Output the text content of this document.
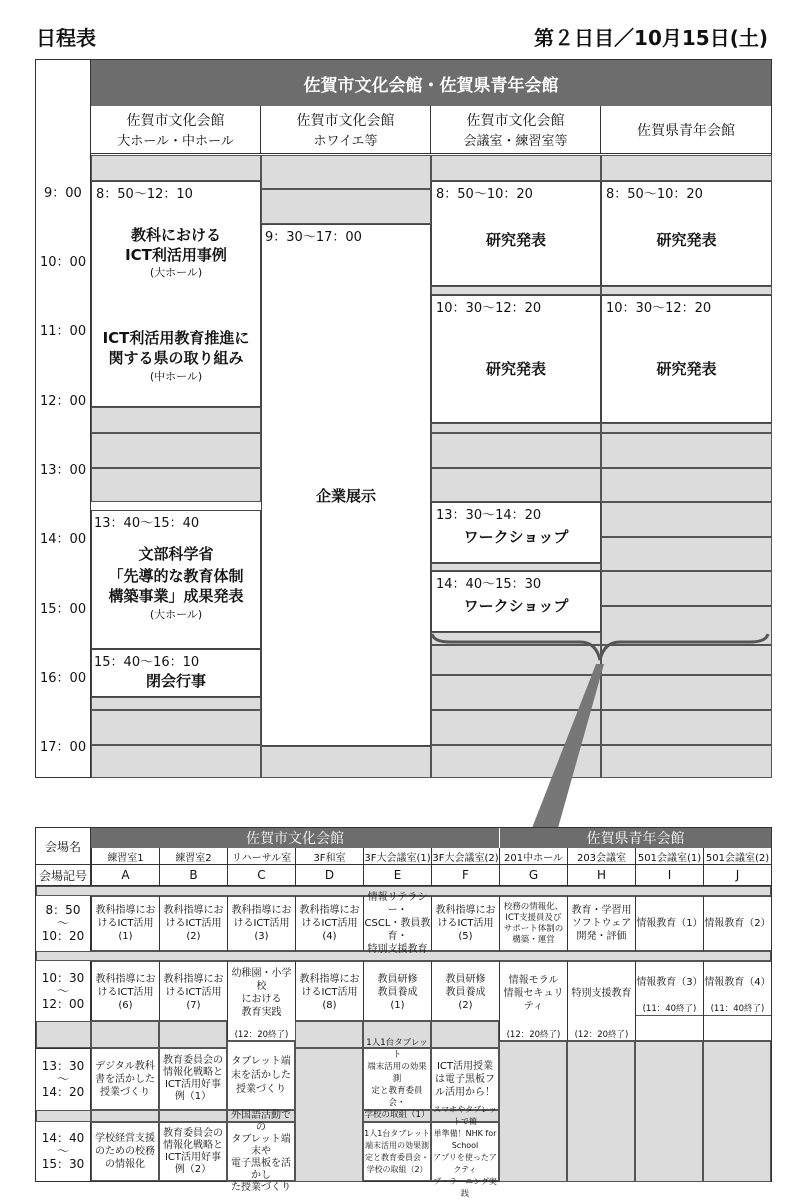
日程表	第２日目／10月15日(土)
佐賀市文化会館・佐賀県青年会館
佐賀市文化会館
大ホール・中ホール
佐賀市文化会館
ホワイエ等
佐賀市文化会館
会議室・練習室等
佐賀県青年会館
9：00
10：00
11：00
12：00
13：00
14：00
15：00
16：00
17：00
8：50〜12：10
教科における
ICT利活用事例
(大ホール)
ICT利活用教育推進に
関する県の取り組み
(中ホール)
13：40〜15：40
文部科学省
「先導的な教育体制
構築事業」成果発表
(大ホール)
15：40〜16：10
閉会行事
9：30〜17：00
企業展示
8：50〜10：20
研究発表
10：30〜12：20
研究発表
13：30〜14：20
ワークショップ
14：40〜15：30
ワークショップ
8：50〜10：20
研究発表
10：30〜12：20
研究発表
佐賀市文化会館	佐賀県青年会館
会場名
会場記号
8：50
〜
10：20
10：30
〜
12：00
13：30
〜
14：20
14：40
〜
15：30
練習室1
A
教科指導にお
けるICT活用
(1)
教科指導にお
けるICT活用
(6)
練習室2
B
教科指導にお
けるICT活用
(2)
教科指導にお
けるICT活用
(7)
リハーサル室
C
教科指導にお
けるICT活用
(3)
幼稚園・小学校
における
教育実践
(12：20終了)
3F和室
D
教科指導にお
けるICT活用
(4)
教科指導にお
けるICT活用
(8)
3F大会議室(1)
E
情報リテラシー・
CSCL・教員教育・
特別支援教育
教員研修
教員養成
(1)
3F大会議室(2)
F
教科指導にお
けるICT活用
(5)
教員研修
教員養成
(2)
201中ホール
G
校務の情報化、
ICT支援員及び
サポート体制の
構築・運営
情報モラル
情報セキュリ
ティ
(12：20終了)
203会議室
H
教育・学習用
ソフトウェア
開発・評価
特別支援教育
(12：20終了)
501会議室(1)
I
情報教育（1）
情報教育（3）
(11：40終了)
501会議室(2)
J
情報教育（2）
情報教育（4）
(11：40終了)
デジタル教科
書を活かした
授業づくり
教育委員会の
情報化戦略と
ICT活用好事
例（1）
1人1台タブレット
端末活用の効果測
定と教育委員会・
学校の取組（1）
ICT活用授業
は電子黒板フ
ル活用から！
タブレット端
末を活かした
授業づくり
学校経営支援
のための校務
の情報化
教育委員会の
情報化戦略と
ICT活用好事
例（2）
外国語活動での
タブレット端末や
電子黒板を活かし
た授業づくり
1人1台タブレット
端末活用の効果測
定と教育委員会・
学校の取組（2）
スマホやタブレットで簡
単準備！NHK for School
アプリを使ったアクティ
ブ・ラーニング実践
